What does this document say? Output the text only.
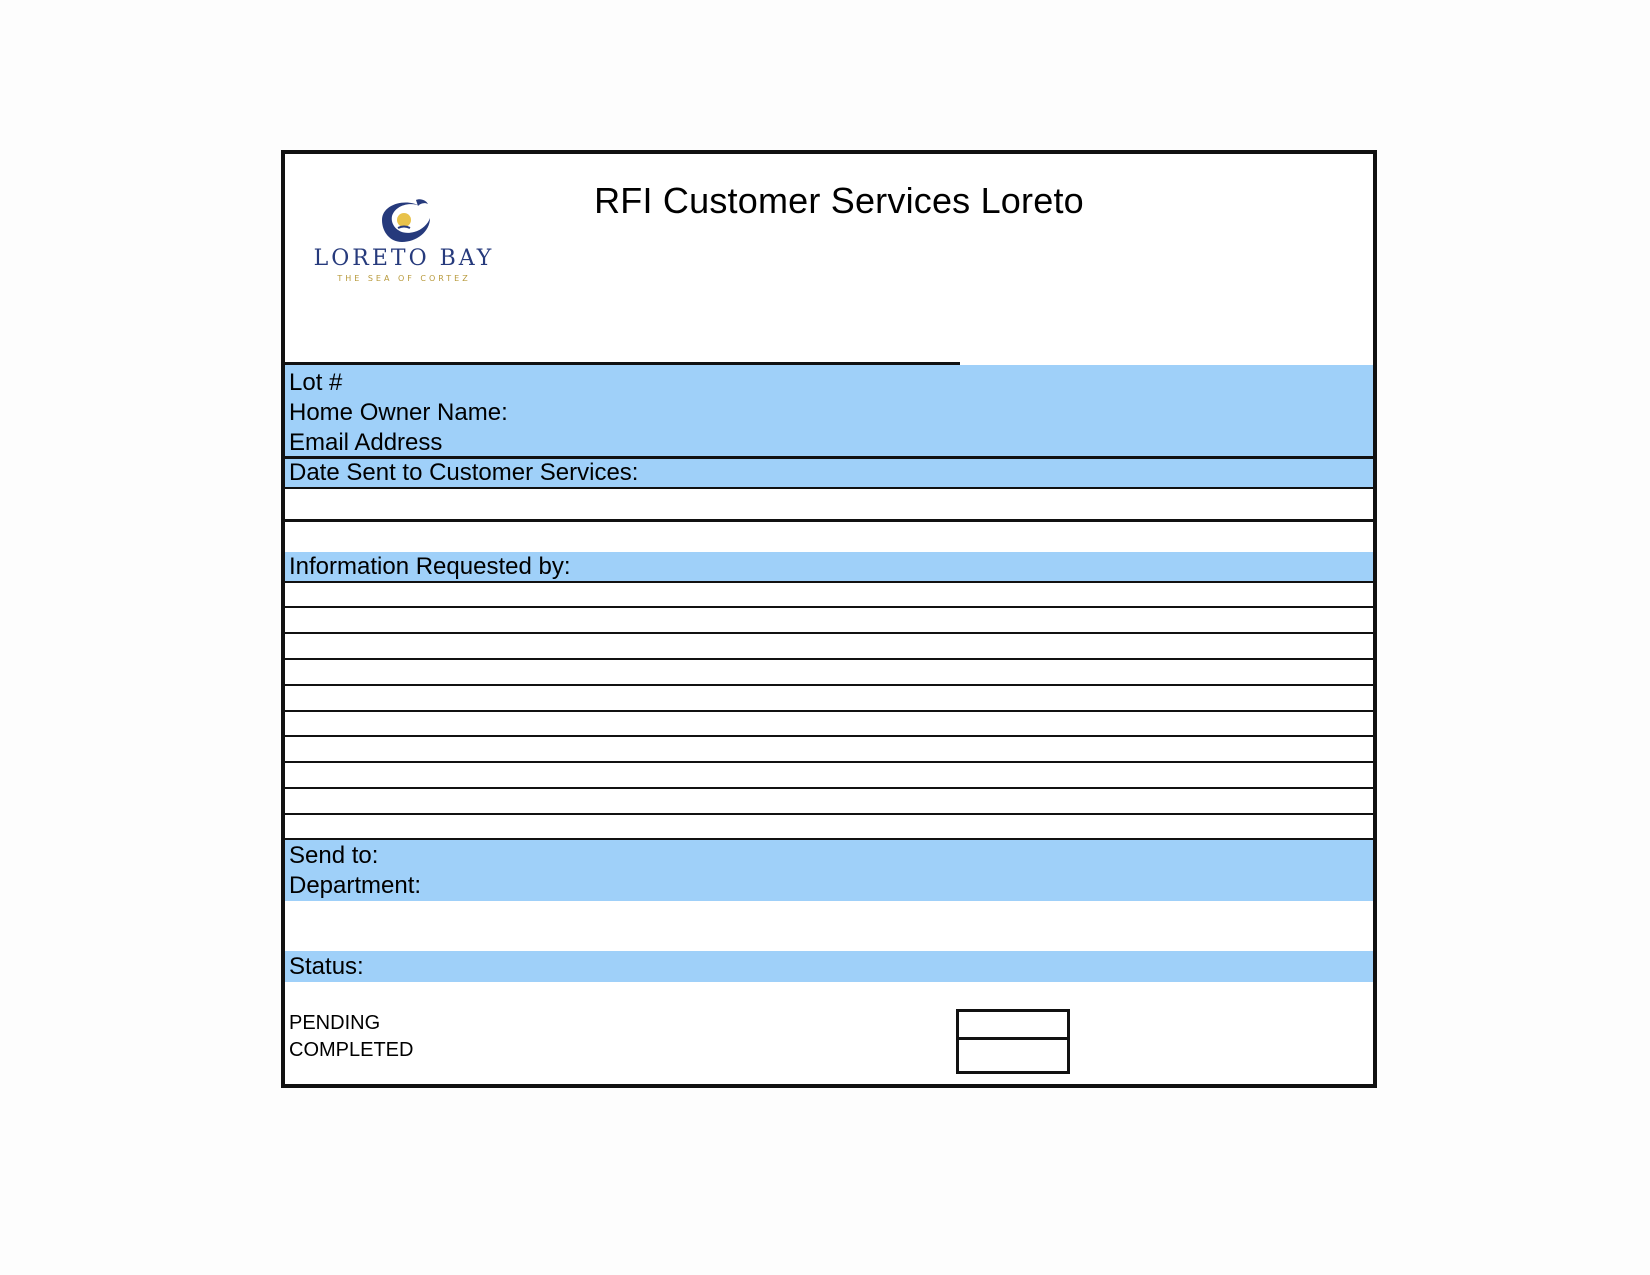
RFI Customer Services Loreto
LORETO BAY
THE SEA OF CORTEZ
Lot #
Home Owner Name:
Email Address
Date Sent to Customer Services:
Information Requested by:
Send to:
Department:
Status:
PENDING
COMPLETED
